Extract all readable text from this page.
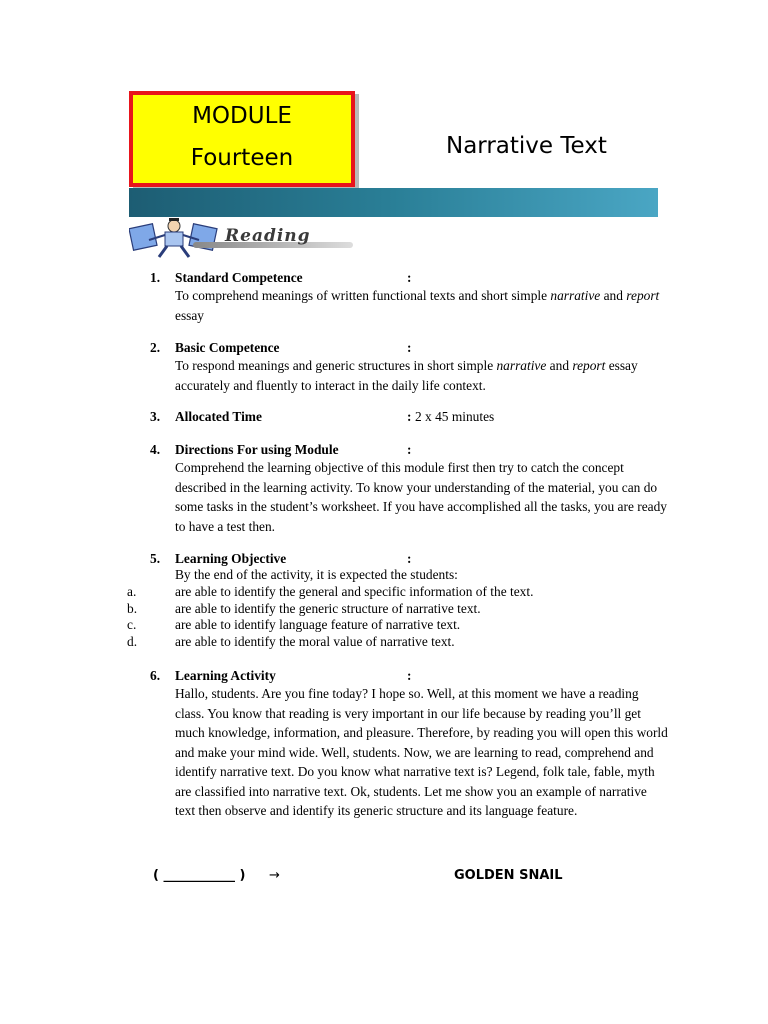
MODULE
Fourteen	Narrative Text
Reading
1. Standard Competence	:
To comprehend meanings of written functional texts and short simple narrative and report essay
2. Basic Competence	:
To respond meanings and generic structures in short simple narrative and report essay accurately and fluently to interact in the daily life context.
3. Allocated Time	: 2 x 45 minutes
4. Directions For using Module	:
Comprehend the learning objective of this module first then try to catch the concept described in the learning activity. To know your understanding of the material, you can do some tasks in the student’s worksheet. If you have accomplished all the tasks, you are ready to have a test then.
5. Learning Objective	:
By the end of the activity, it is expected the students:
a.	are able to identify the general and specific information of the text.
b.	are able to identify the generic structure of narrative text.
c.	are able to identify language feature of narrative text.
d.	are able to identify the moral value of narrative text.
6. Learning Activity	:
Hallo, students. Are you fine today? I hope so. Well, at this moment we have a reading class. You know that reading is very important in our life because by reading you’ll get much knowledge, information, and pleasure. Therefore, by reading you will open this world and make your mind wide. Well, students. Now, we are learning to read, comprehend and identify narrative text. Do you know what narrative text is? Legend, folk tale, fable, myth are classified into narrative text. Ok, students. Let me show you an example of narrative text then observe and identify its generic structure and its language feature.
( ___________ ) →	GOLDEN SNAIL
